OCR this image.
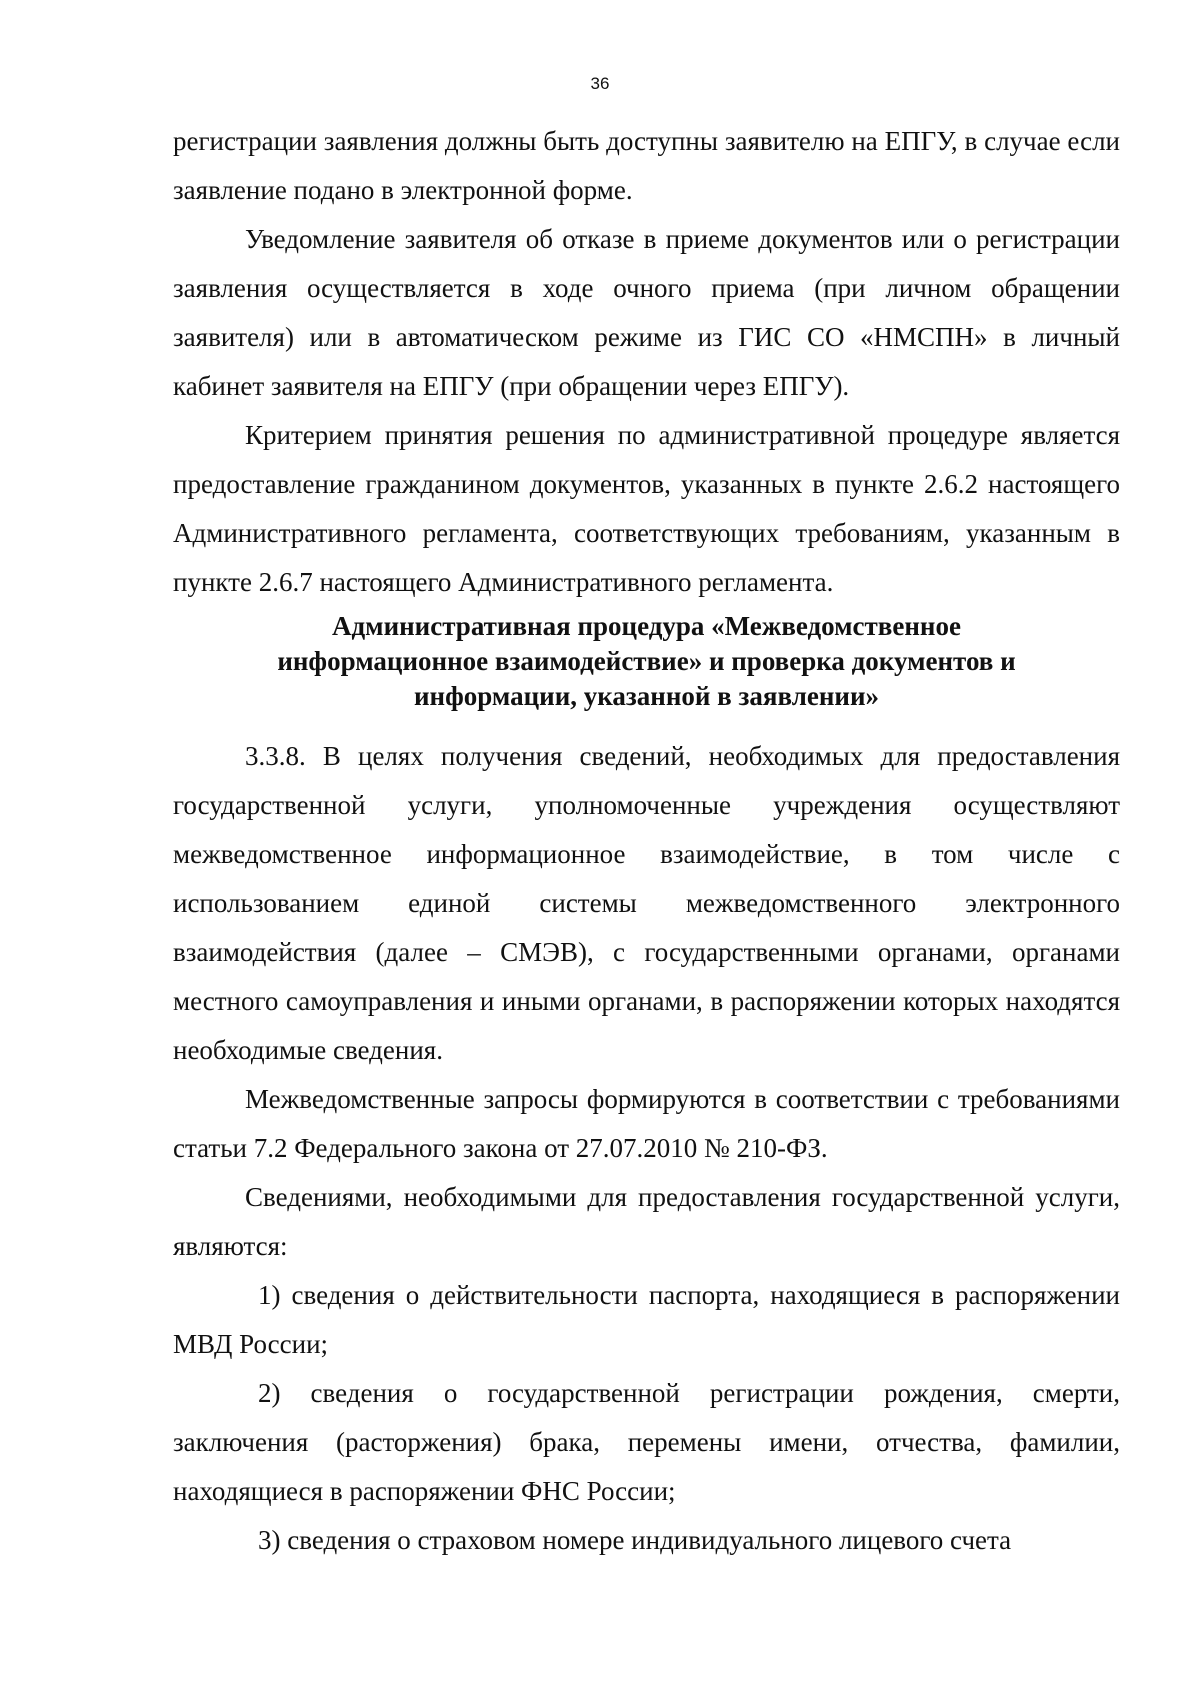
36

регистрации заявления должны быть доступны заявителю на ЕПГУ, в случае если заявление подано в электронной форме.

Уведомление заявителя об отказе в приеме документов или о регистрации заявления осуществляется в ходе очного приема (при личном обращении заявителя) или в автоматическом режиме из ГИС СО «НМСПН» в личный кабинет заявителя на ЕПГУ (при обращении через ЕПГУ).

Критерием принятия решения по административной процедуре является предоставление гражданином документов, указанных в пункте 2.6.2 настоящего Административного регламента, соответствующих требованиям, указанным в пункте 2.6.7 настоящего Административного регламента.

Административная процедура «Межведомственное
информационное взаимодействие» и проверка документов и
информации, указанной в заявлении»

3.3.8. В целях получения сведений, необходимых для предоставления государственной услуги, уполномоченные учреждения осуществляют межведомственное информационное взаимодействие, в том числе с использованием единой системы межведомственного электронного взаимодействия (далее – СМЭВ), с государственными органами, органами местного самоуправления и иными органами, в распоряжении которых находятся необходимые сведения.

Межведомственные запросы формируются в соответствии с требованиями статьи 7.2 Федерального закона от 27.07.2010 № 210-ФЗ.

Сведениями, необходимыми для предоставления государственной услуги, являются:

1) сведения о действительности паспорта, находящиеся в распоряжении МВД России;

2) сведения о государственной регистрации рождения, смерти, заключения (расторжения) брака, перемены имени, отчества, фамилии, находящиеся в распоряжении ФНС России;

3) сведения о страховом номере индивидуального лицевого счета
